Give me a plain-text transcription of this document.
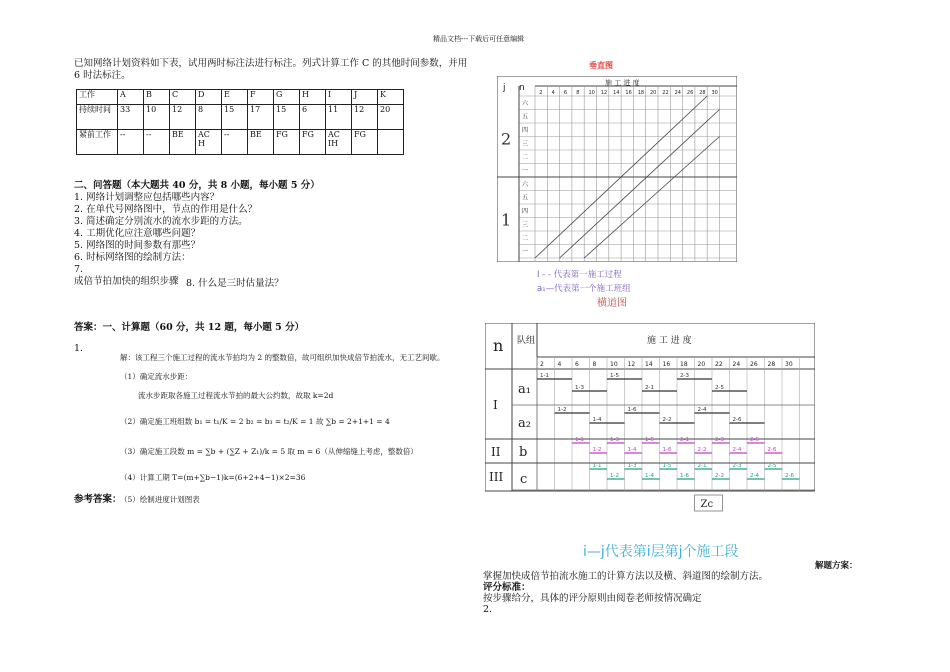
精品文档---下载后可任意编辑
已知网络计划资料如下表，试用两时标注法进行标注。列式计算工作 C 的其他时间参数，并用
6 时法标注。
工作	A	B	C	D	E	F	G	H	I	J	K
持续时间	33	10	12	8	15	17	15	6	11	12	20
紧前工作	--	--	BE	AC H	--	BE	FG	FG	AC IH	FG	
二、问答题（本大题共 40 分，共 8 小题，每小题 5 分）
1. 网络计划调整应包括哪些内容？
2. 在单代号网络图中，节点的作用是什么？
3. 简述确定分别流水的流水步距的方法。
4. 工期优化应注意哪些问题？
5. 网络图的时间参数有那些？
6. 时标网络图的绘制方法：
7.
成倍节拍加快的组织步骤 8. 什么是三时估量法？
答案：一、计算题（60 分，共 12 题，每小题 5 分）
1.
解：该工程三个施工过程的流水节拍均为 2 的整数倍，故可组织加快成倍节拍流水，无工艺间歇。
（1）确定流水步距：
流水步距取各施工过程流水节拍的最大公约数，故取 k=2d
（2）确定施工班组数 b₁ = t₁/K = 2 b₂ = b₃ = t₂/K = 1 故 ∑b = 2+1+1 = 4
（3）确定施工段数 m = ∑b + (∑Z + Z₁)/k = 5 取 m = 6（从伸缩缝上考虑，整数倍）
（4）计算工期 T=(m+∑b−1)k=(6+2+4−1)×2=36
参考答案：
（5）绘制进度计划图表
垂直图
j n	施 工 进 度
2 4 6 8 10 12 14 16 18 20 22 24 26 28 30
六
五
四
三
二
一
六
五
四
三
二
一
2
1
I - - 代表第一施工过程
a₁—代表第一个施工班组
横道图
n 队组	施 工 进 度
2 4 6 8 10 12 14 16 18 20 22 24 26 28 30
I
II
III
a₁
a₂
b
c
1-1
1-3
1-5
2-1
2-3
2-5
1-2
1-4
1-6
2-2
2-4
2-6
1-1
1-2
1-3
1-4
1-5
1-6
2-1
2-2
2-3
2-4
2-5
2-6
1-1
1-2
1-3
1-4
1-5
1-6
2-1
2-2
2-3
2-4
2-5
2-6
Zc
i—j代表第i层第j个施工段
解题方案：
掌握加快成倍节拍流水施工的计算方法以及横、斜道图的绘制方法。
评分标准：
按步骤给分，具体的评分原则由阅卷老师按情况确定
2.
